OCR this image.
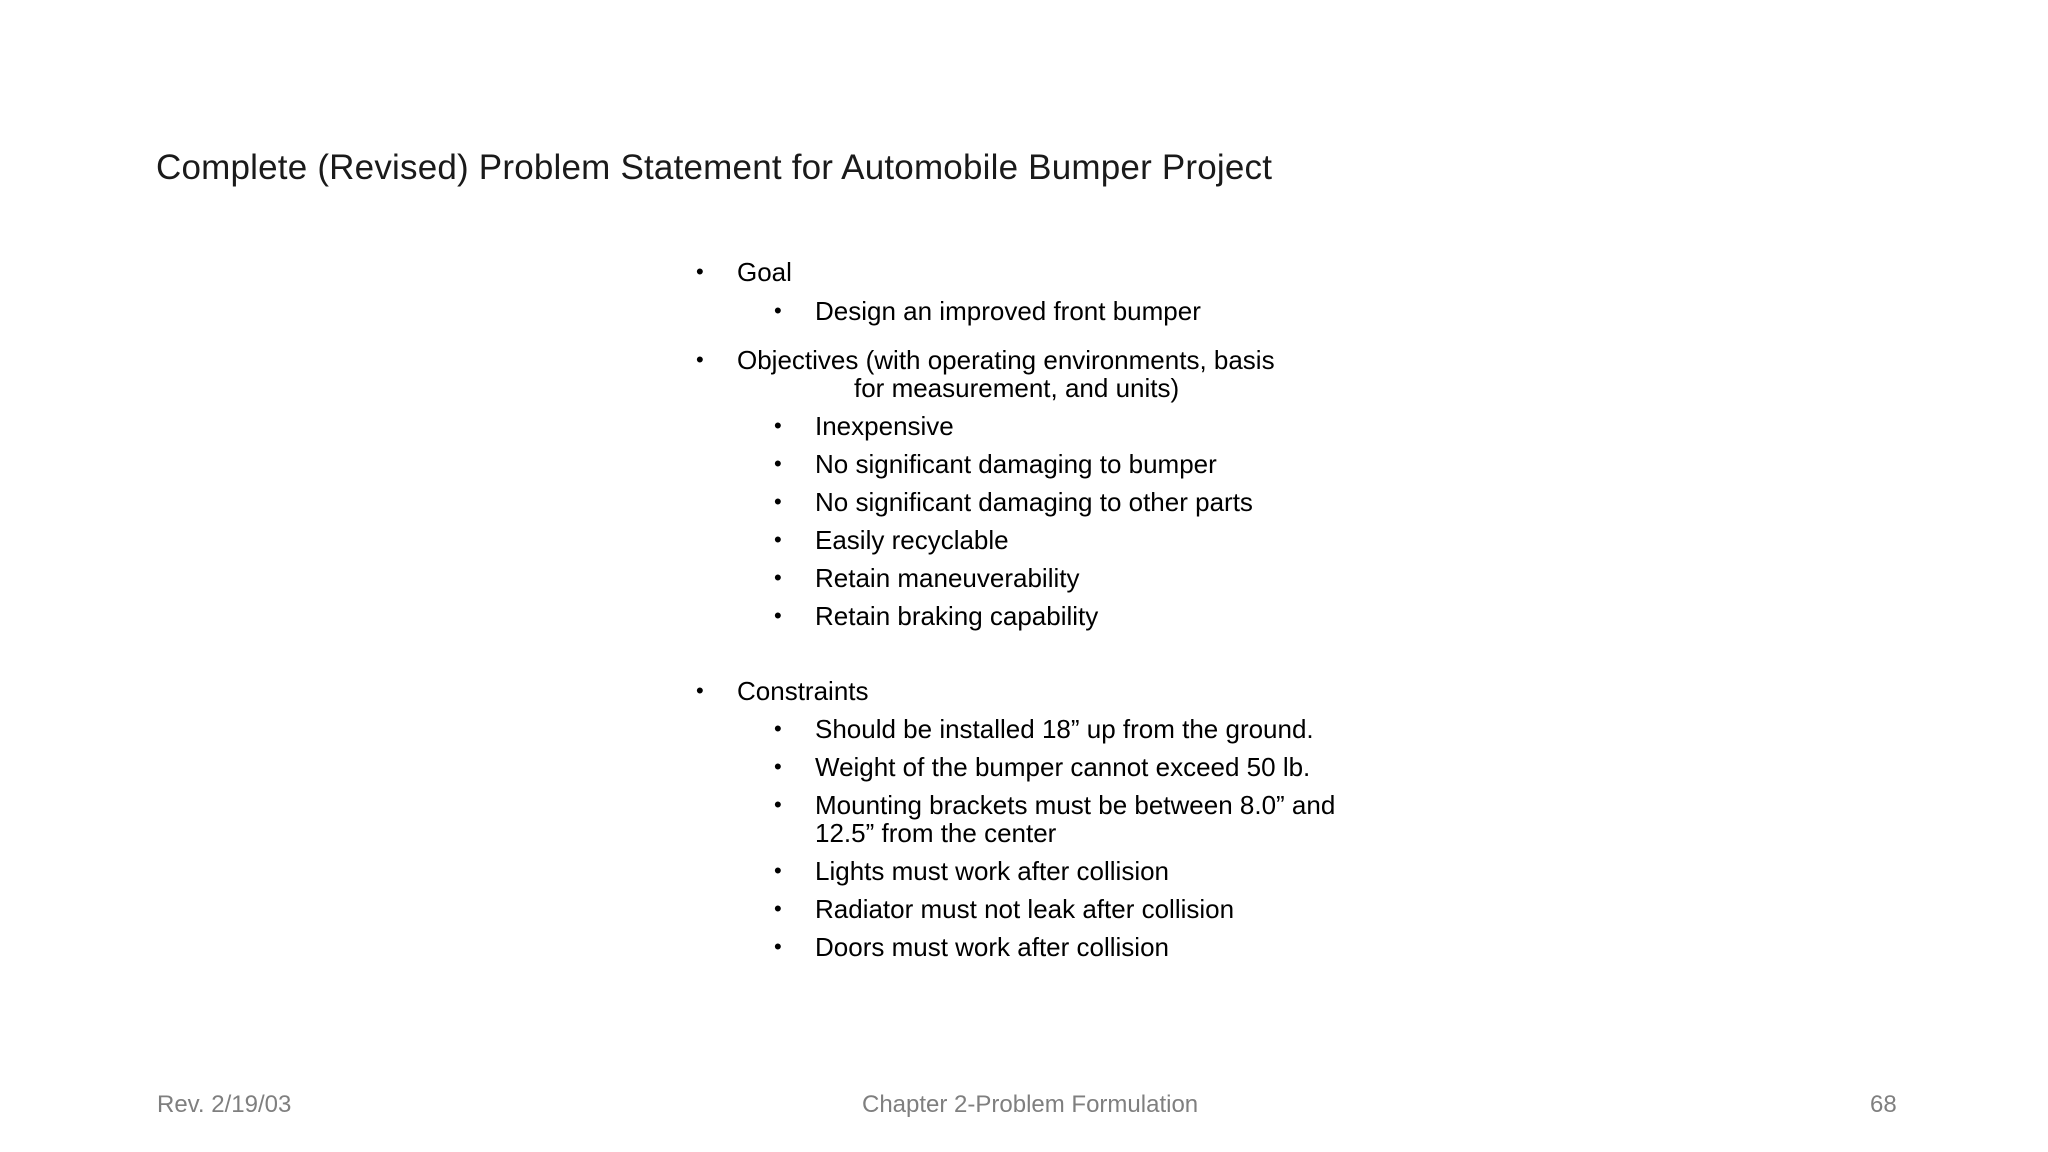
Complete (Revised) Problem Statement for Automobile Bumper Project
• Goal
• Design an improved front bumper
• Objectives (with operating environments, basis
for measurement, and units)
• Inexpensive
• No significant damaging to bumper
• No significant damaging to other parts
• Easily recyclable
• Retain maneuverability
• Retain braking capability
• Constraints
• Should be installed 18” up from the ground.
• Weight of the bumper cannot exceed 50 lb.
• Mounting brackets must be between 8.0” and 12.5” from the center
• Lights must work after collision
• Radiator must not leak after collision
• Doors must work after collision
Rev. 2/19/03	Chapter 2-Problem Formulation	68
